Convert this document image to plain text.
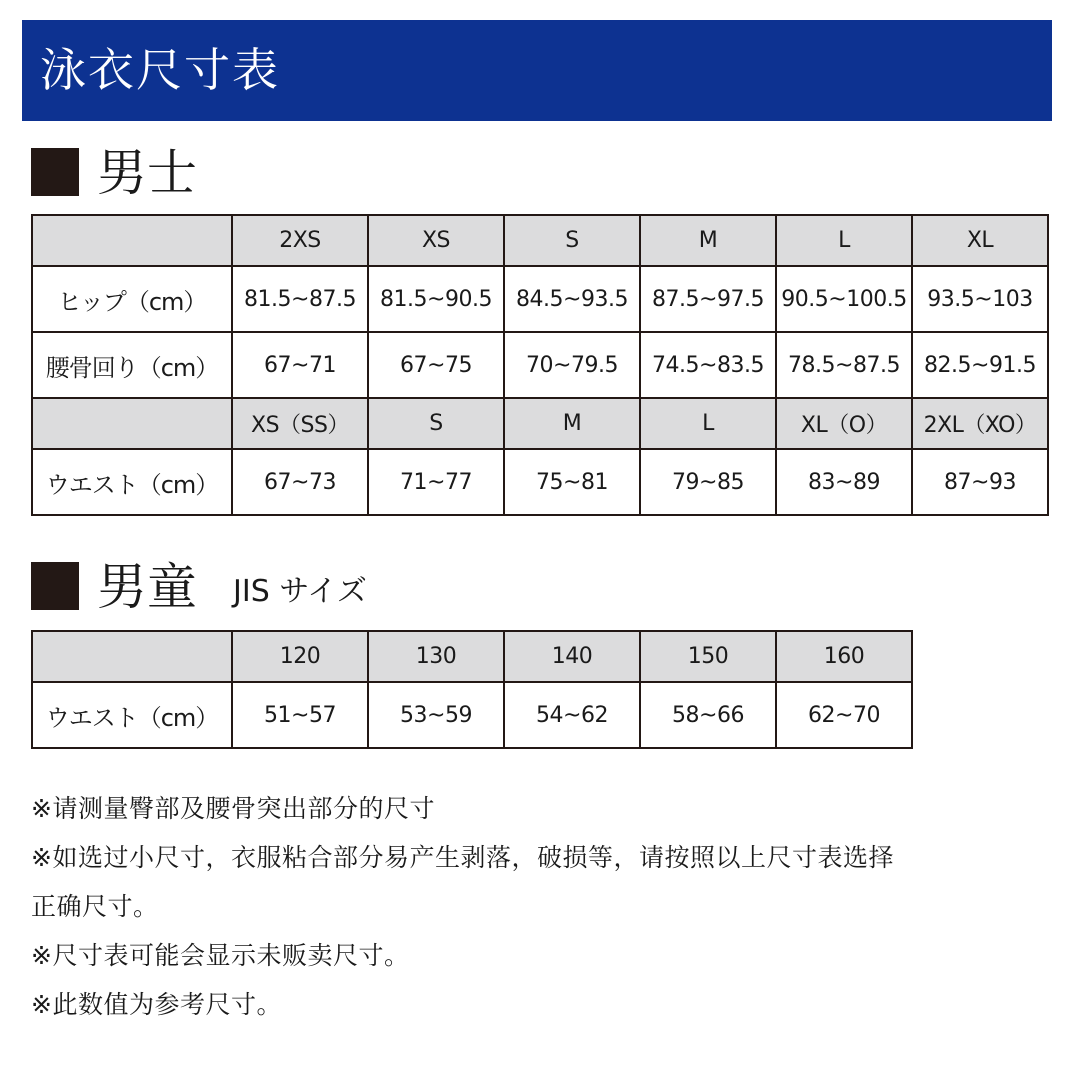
泳衣尺寸表
男士
	2XS	XS	S	M	L	XL
ヒップ（cm）	81.5~87.5	81.5~90.5	84.5~93.5	87.5~97.5	90.5~100.5	93.5~103
腰骨回り（cm）	67~71	67~75	70~79.5	74.5~83.5	78.5~87.5	82.5~91.5
	XS（SS）	S	M	L	XL（O）	2XL（XO）
ウエスト（cm）	67~73	71~77	75~81	79~85	83~89	87~93
男童 JIS サイズ
	120	130	140	150	160
ウエスト（cm）	51~57	53~59	54~62	58~66	62~70
※请测量臀部及腰骨突出部分的尺寸
※如选过小尺寸，衣服粘合部分易产生剥落，破损等，请按照以上尺寸表选择
正确尺寸。
※尺寸表可能会显示未贩卖尺寸。
※此数值为参考尺寸。
